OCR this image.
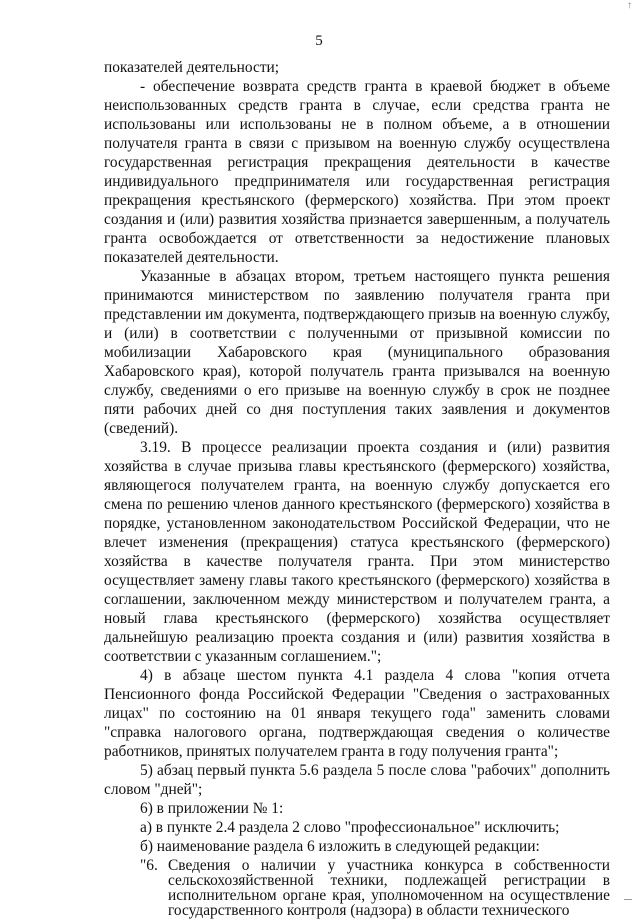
↑
5

показателей деятельности;

- обеспечение возврата средств гранта в краевой бюджет в объеме неиспользованных средств гранта в случае, если средства гранта не использованы или использованы не в полном объеме, а в отношении получателя гранта в связи с призывом на военную службу осуществлена государственная регистрация прекращения деятельности в качестве индивидуального предпринимателя или государственная регистрация прекращения крестьянского (фермерского) хозяйства. При этом проект создания и (или) развития хозяйства признается завершенным, а получатель гранта освобождается от ответственности за недостижение плановых показателей деятельности.

Указанные в абзацах втором, третьем настоящего пункта решения принимаются министерством по заявлению получателя гранта при представлении им документа, подтверждающего призыв на военную службу, и (или) в соответствии с полученными от призывной комиссии по мобилизации Хабаровского края (муниципального образования Хабаровского края), которой получатель гранта призывался на военную службу, сведениями о его призыве на военную службу в срок не позднее пяти рабочих дней со дня поступления таких заявления и документов (сведений).

3.19. В процессе реализации проекта создания и (или) развития хозяйства в случае призыва главы крестьянского (фермерского) хозяйства, являющегося получателем гранта, на военную службу допускается его смена по решению членов данного крестьянского (фермерского) хозяйства в порядке, установленном законодательством Российской Федерации, что не влечет изменения (прекращения) статуса крестьянского (фермерского) хозяйства в качестве получателя гранта. При этом министерство осуществляет замену главы такого крестьянского (фермерского) хозяйства в соглашении, заключенном между министерством и получателем гранта, а новый глава крестьянского (фермерского) хозяйства осуществляет дальнейшую реализацию проекта создания и (или) развития хозяйства в соответствии с указанным соглашением.";

4) в абзаце шестом пункта 4.1 раздела 4 слова "копия отчета Пенсионного фонда Российской Федерации "Сведения о застрахованных лицах" по состоянию на 01 января текущего года" заменить словами "справка налогового органа, подтверждающая сведения о количестве работников, принятых получателем гранта в году получения гранта";

5) абзац первый пункта 5.6 раздела 5 после слова "рабочих" дополнить словом "дней";

6) в приложении № 1:

а) в пункте 2.4 раздела 2 слово "профессиональное" исключить;

б) наименование раздела 6 изложить в следующей редакции:

"6. Сведения о наличии у участника конкурса в собственности сельскохозяйственной техники, подлежащей регистрации в исполнительном органе края, уполномоченном на осуществление государственного контроля (надзора) в области технического
